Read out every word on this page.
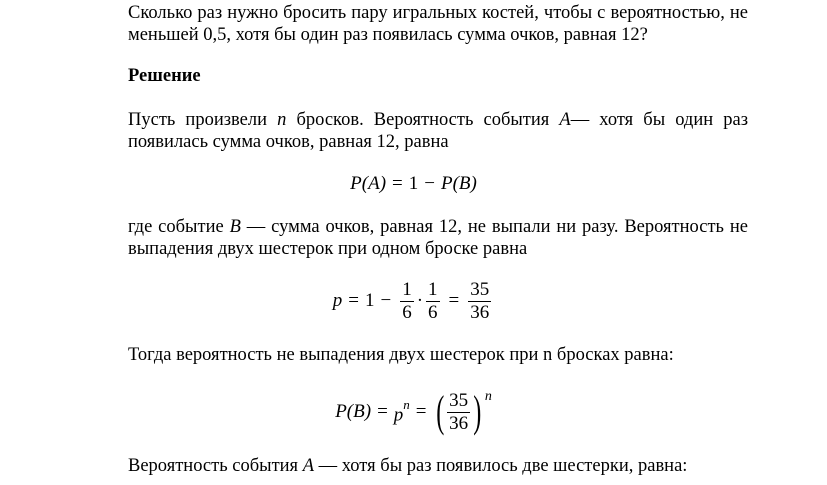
Сколько раз нужно бросить пару игральных костей, чтобы с вероятностью, не
меньшей 0,5, хотя бы один раз появилась сумма очков, равная 12?
Решение
Пусть произвели n бросков. Вероятность события A— хотя бы один раз
появилась сумма очков, равная 12, равна
P(A) = 1 − P(B)
где событие B — сумма очков, равная 12, не выпали ни разу. Вероятность не
выпадения двух шестерок при одном броске равна
$p = 1 - \frac{1}{6} \cdot \frac{1}{6} = \frac{35}{36}$
Тогда вероятность не выпадения двух шестерок при n бросках равна:
$P(B) = p^n$ = ( $\frac{35}{36}$ ) n
Вероятность события A — хотя бы раз появилось две шестерки, равна:
